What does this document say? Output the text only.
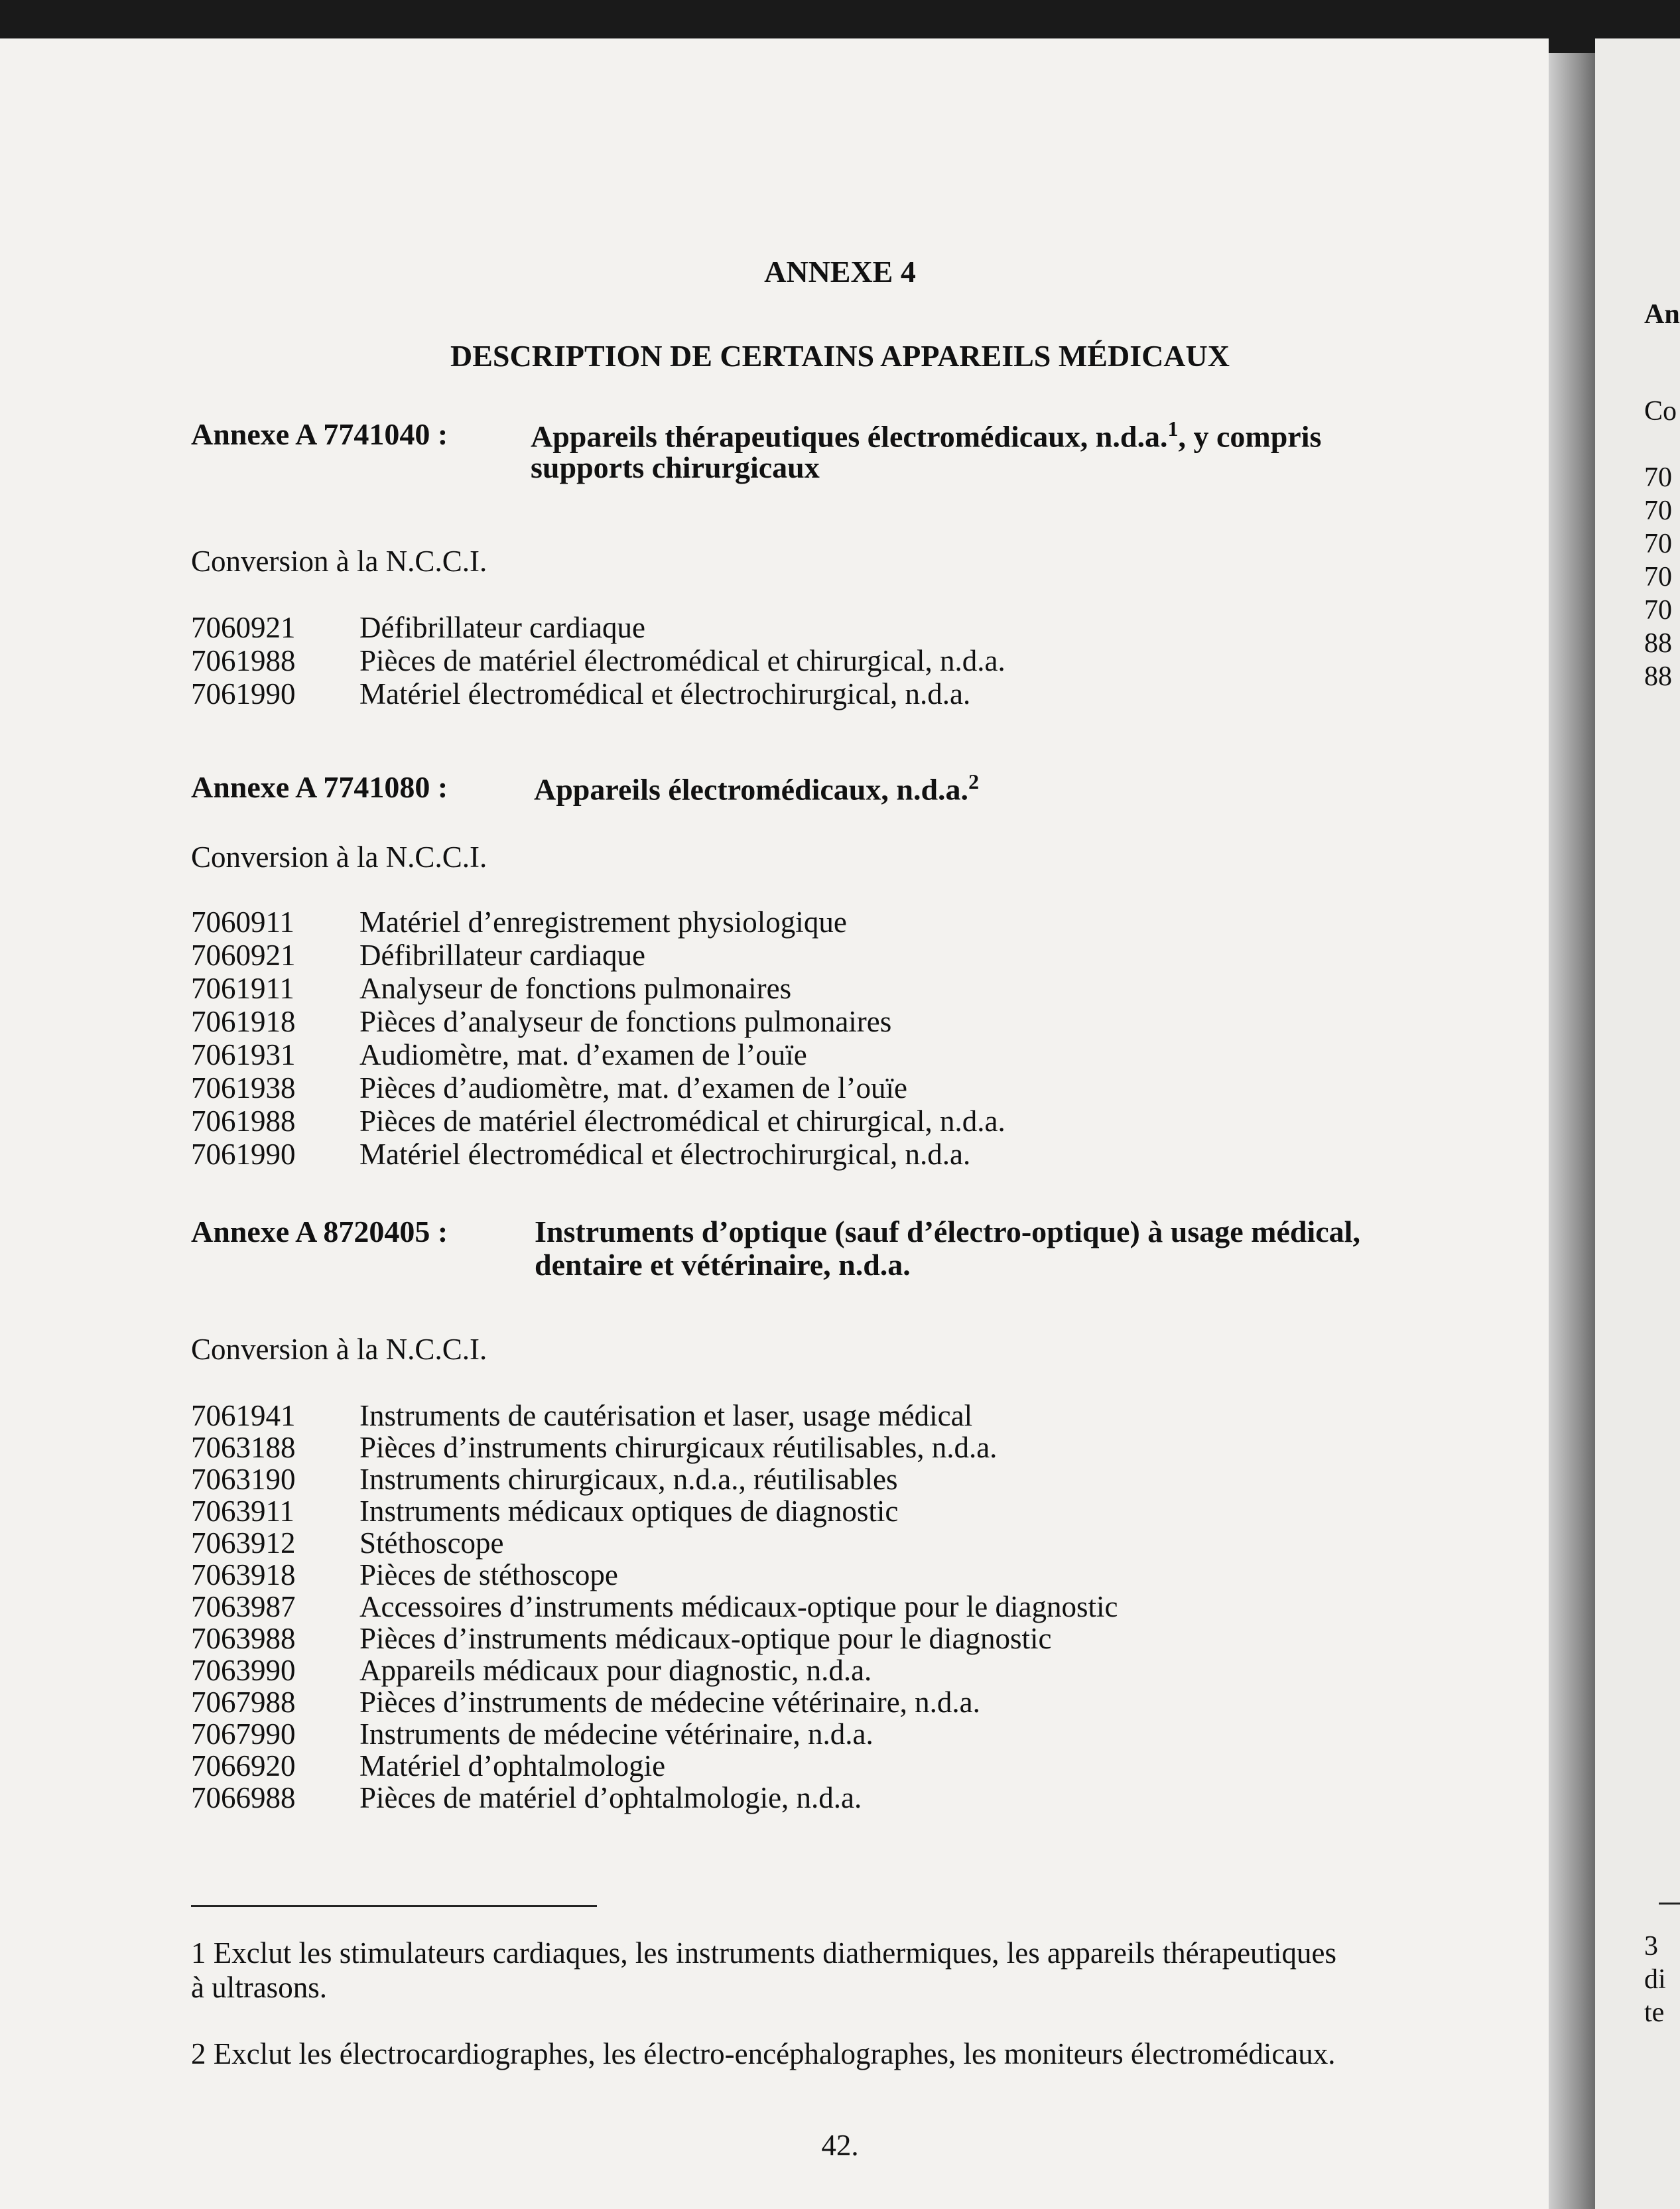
ANNEXE 4
DESCRIPTION DE CERTAINS APPAREILS MÉDICAUX
Annexe A 7741040 :	Appareils thérapeutiques électromédicaux, n.d.a.$^1$, y compris
supports chirurgicaux
Conversion à la N.C.C.I.
7060921 Défibrillateur cardiaque
7061988 Pièces de matériel électromédical et chirurgical, n.d.a.
7061990 Matériel électromédical et électrochirurgical, n.d.a.
Annexe A 7741080 :	Appareils électromédicaux, n.d.a.$^2$
Conversion à la N.C.C.I.
7060911 Matériel d’enregistrement physiologique
7060921 Défibrillateur cardiaque
7061911 Analyseur de fonctions pulmonaires
7061918 Pièces d’analyseur de fonctions pulmonaires
7061931 Audiomètre, mat. d’examen de l’ouïe
7061938 Pièces d’audiomètre, mat. d’examen de l’ouïe
7061988 Pièces de matériel électromédical et chirurgical, n.d.a.
7061990 Matériel électromédical et électrochirurgical, n.d.a.
Annexe A 8720405 :	Instruments d’optique (sauf d’électro-optique) à usage médical,
dentaire et vétérinaire, n.d.a.
Conversion à la N.C.C.I.
7061941 Instruments de cautérisation et laser, usage médical
7063188 Pièces d’instruments chirurgicaux réutilisables, n.d.a.
7063190 Instruments chirurgicaux, n.d.a., réutilisables
7063911 Instruments médicaux optiques de diagnostic
7063912 Stéthoscope
7063918 Pièces de stéthoscope
7063987 Accessoires d’instruments médicaux-optique pour le diagnostic
7063988 Pièces d’instruments médicaux-optique pour le diagnostic
7063990 Appareils médicaux pour diagnostic, n.d.a.
7067988 Pièces d’instruments de médecine vétérinaire, n.d.a.
7067990 Instruments de médecine vétérinaire, n.d.a.
7066920 Matériel d’ophtalmologie
7066988 Pièces de matériel d’ophtalmologie, n.d.a.
1 Exclut les stimulateurs cardiaques, les instruments diathermiques, les appareils thérapeutiques
à ultrasons.
2 Exclut les électrocardiographes, les électro-encéphalographes, les moniteurs électromédicaux.
42.
An
Co
70
70
70
70
70
88
88
3
di
te
